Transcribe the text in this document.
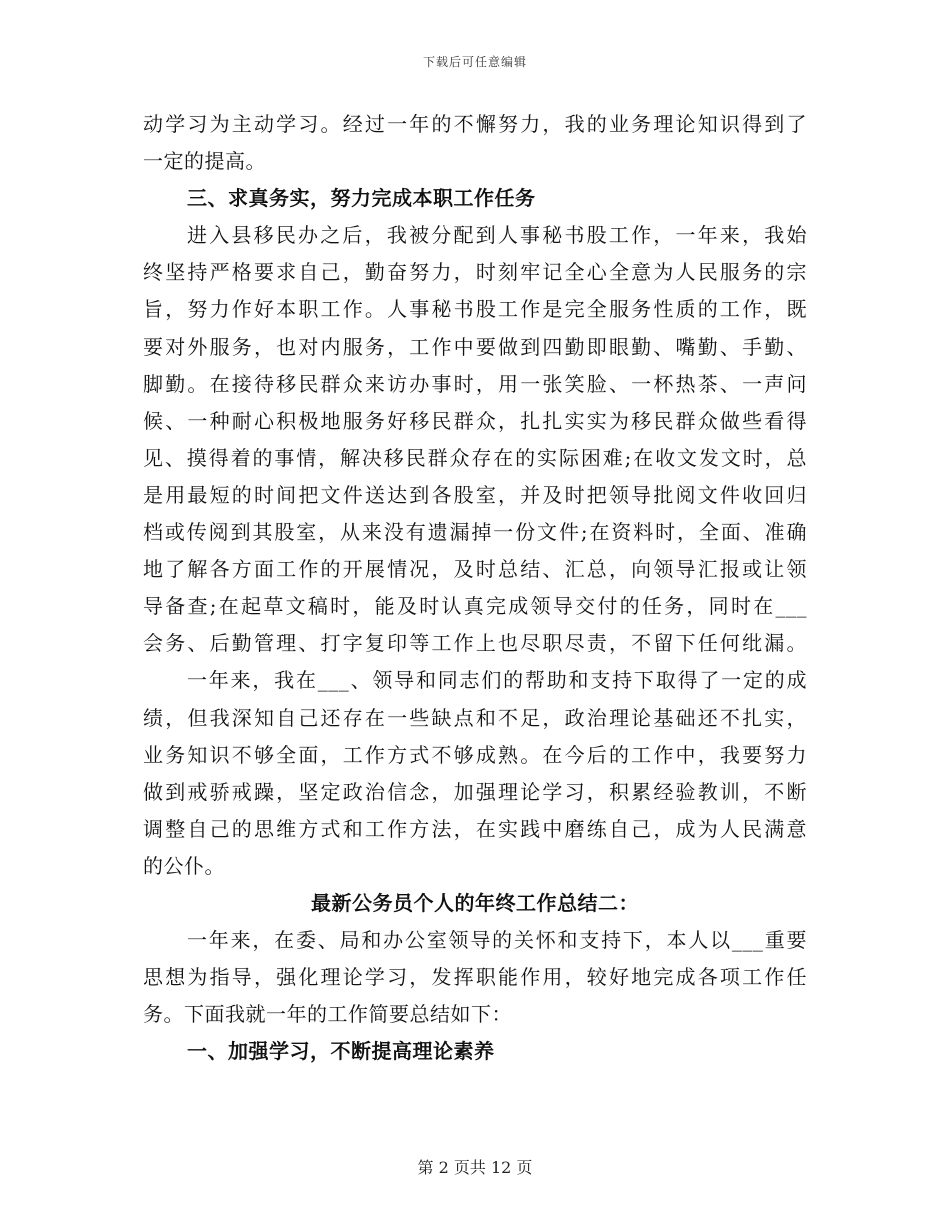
下载后可任意编辑
动学习为主动学习。经过一年的不懈努力，我的业务理论知识得到了
一定的提高。
三、求真务实，努力完成本职工作任务
进入县移民办之后，我被分配到人事秘书股工作，一年来，我始
终坚持严格要求自己，勤奋努力，时刻牢记全心全意为人民服务的宗
旨，努力作好本职工作。人事秘书股工作是完全服务性质的工作，既
要对外服务，也对内服务，工作中要做到四勤即眼勤、嘴勤、手勤、
脚勤。在接待移民群众来访办事时，用一张笑脸、一杯热茶、一声问
候、一种耐心积极地服务好移民群众，扎扎实实为移民群众做些看得
见、摸得着的事情，解决移民群众存在的实际困难;在收文发文时，总
是用最短的时间把文件送达到各股室，并及时把领导批阅文件收回归
档或传阅到其股室，从来没有遗漏掉一份文件;在资料时，全面、准确
地了解各方面工作的开展情况，及时总结、汇总，向领导汇报或让领
导备查;在起草文稿时，能及时认真完成领导交付的任务，同时在___
会务、后勤管理、打字复印等工作上也尽职尽责，不留下任何纰漏。
一年来，我在___、领导和同志们的帮助和支持下取得了一定的成
绩，但我深知自己还存在一些缺点和不足，政治理论基础还不扎实，
业务知识不够全面，工作方式不够成熟。在今后的工作中，我要努力
做到戒骄戒躁，坚定政治信念，加强理论学习，积累经验教训，不断
调整自己的思维方式和工作方法，在实践中磨练自己，成为人民满意
的公仆。
最新公务员个人的年终工作总结二：
一年来，在委、局和办公室领导的关怀和支持下，本人以___重要
思想为指导，强化理论学习，发挥职能作用，较好地完成各项工作任
务。下面我就一年的工作简要总结如下：
一、加强学习，不断提高理论素养
第 2 页共 12 页
